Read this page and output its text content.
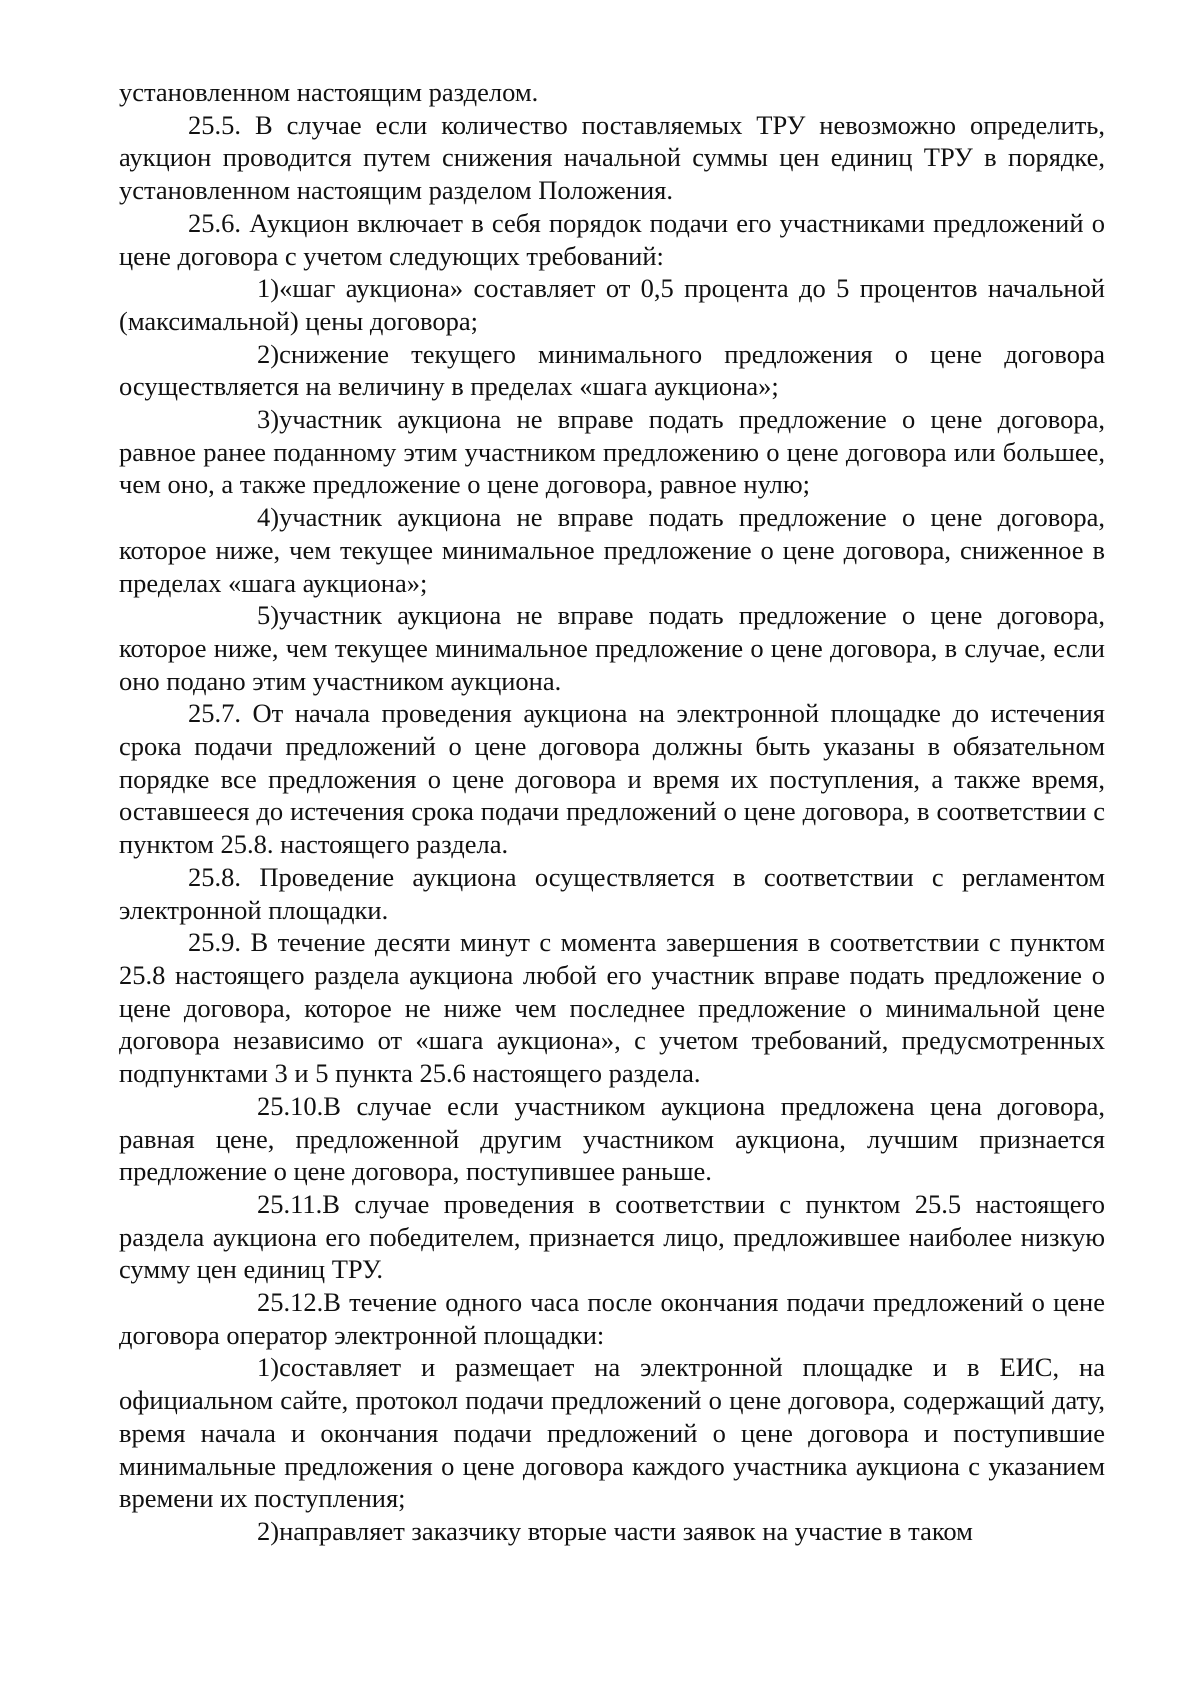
установленном настоящим разделом.

25.5. В случае если количество поставляемых ТРУ невозможно определить, аукцион проводится путем снижения начальной суммы цен единиц ТРУ в порядке, установленном настоящим разделом Положения.

25.6. Аукцион включает в себя порядок подачи его участниками предложений о цене договора с учетом следующих требований:

1)«шаг аукциона» составляет от 0,5 процента до 5 процентов начальной (максимальной) цены договора;

2)снижение текущего минимального предложения о цене договора осуществляется на величину в пределах «шага аукциона»;

3)участник аукциона не вправе подать предложение о цене договора, равное ранее поданному этим участником предложению о цене договора или большее, чем оно, а также предложение о цене договора, равное нулю;

4)участник аукциона не вправе подать предложение о цене договора, которое ниже, чем текущее минимальное предложение о цене договора, сниженное в пределах «шага аукциона»;

5)участник аукциона не вправе подать предложение о цене договора, которое ниже, чем текущее минимальное предложение о цене договора, в случае, если оно подано этим участником аукциона.

25.7. От начала проведения аукциона на электронной площадке до истечения срока подачи предложений о цене договора должны быть указаны в обязательном порядке все предложения о цене договора и время их поступления, а также время, оставшееся до истечения срока подачи предложений о цене договора, в соответствии с пунктом 25.8. настоящего раздела.

25.8. Проведение аукциона осуществляется в соответствии с регламентом электронной площадки.

25.9. В течение десяти минут с момента завершения в соответствии с пунктом 25.8 настоящего раздела аукциона любой его участник вправе подать предложение о цене договора, которое не ниже чем последнее предложение о минимальной цене договора независимо от «шага аукциона», с учетом требований, предусмотренных подпунктами 3 и 5 пункта 25.6 настоящего раздела.

25.10.В случае если участником аукциона предложена цена договора, равная цене, предложенной другим участником аукциона, лучшим признается предложение о цене договора, поступившее раньше.

25.11.В случае проведения в соответствии с пунктом 25.5 настоящего раздела аукциона его победителем, признается лицо, предложившее наиболее низкую сумму цен единиц ТРУ.

25.12.В течение одного часа после окончания подачи предложений о цене договора оператор электронной площадки:

1)составляет и размещает на электронной площадке и в ЕИС, на официальном сайте, протокол подачи предложений о цене договора, содержащий дату, время начала и окончания подачи предложений о цене договора и поступившие минимальные предложения о цене договора каждого участника аукциона с указанием времени их поступления;

2)направляет заказчику вторые части заявок на участие в таком
